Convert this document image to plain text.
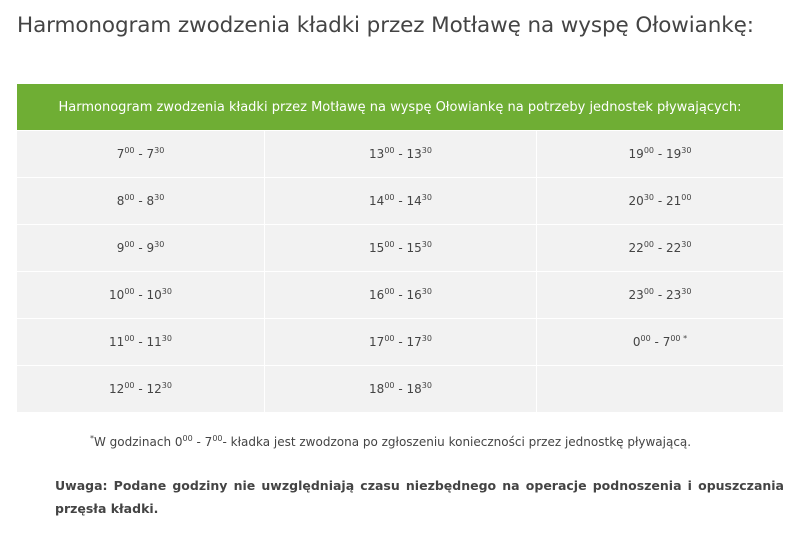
Harmonogram zwodzenia kładki przez Motławę na wyspę Ołowiankę:
Harmonogram zwodzenia kładki przez Motławę na wyspę Ołowiankę na potrzeby jednostek pływających:		
$7^{00} - 7^{30}$	$13^{00} - 13^{30}$	$19^{00} - 19^{30}$
$8^{00} - 8^{30}$	$14^{00} - 14^{30}$	$20^{30} - 21^{00}$
$9^{00} - 9^{30}$	$15^{00} - 15^{30}$	$22^{00} - 22^{30}$
$10^{00} - 10^{30}$	$16^{00} - 16^{30}$	$23^{00} - 23^{30}$
$11^{00} - 11^{30}$	$17^{00} - 17^{30}$	$0^{00} - 7^{00 *}$
$12^{00} - 12^{30}$	$18^{00} - 18^{30}$	
*W godzinach $0^{00} - 7^{00}-$ kładka jest zwodzona po zgłoszeniu konieczności przez jednostkę pływającą.

Uwaga: Podane godziny nie uwzględniają czasu niezbędnego na operacje podnoszenia i opuszczania przęsła kładki.
